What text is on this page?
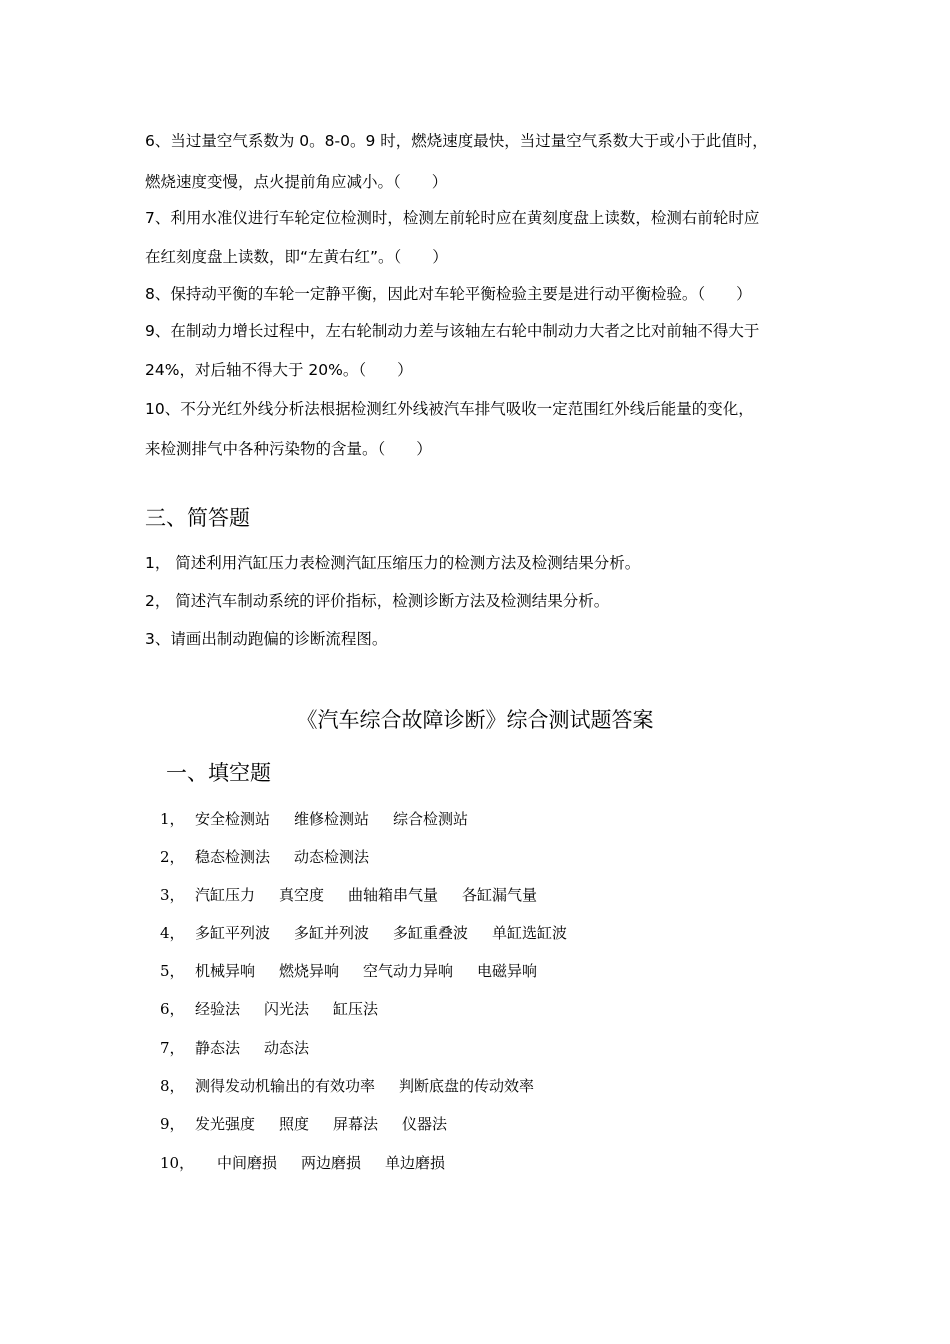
6、当过量空气系数为 0。8-0。9 时，燃烧速度最快，当过量空气系数大于或小于此值时，

燃烧速度变慢，点火提前角应减小。（　　）

7、利用水准仪进行车轮定位检测时，检测左前轮时应在黄刻度盘上读数，检测右前轮时应

在红刻度盘上读数，即“左黄右红”。（　　）

8、保持动平衡的车轮一定静平衡，因此对车轮平衡检验主要是进行动平衡检验。（　　）

9、在制动力增长过程中，左右轮制动力差与该轴左右轮中制动力大者之比对前轴不得大于

24%，对后轴不得大于 20%。（　　）

10、不分光红外线分析法根据检测红外线被汽车排气吸收一定范围红外线后能量的变化，

来检测排气中各种污染物的含量。（　　）

三、简答题

1， 简述利用汽缸压力表检测汽缸压缩压力的检测方法及检测结果分析。

2， 简述汽车制动系统的评价指标，检测诊断方法及检测结果分析。

3、请画出制动跑偏的诊断流程图。

《汽车综合故障诊断》综合测试题答案
一、填空题
1， 安全检测站 维修检测站 综合检测站
2， 稳态检测法 动态检测法
3， 汽缸压力 真空度 曲轴箱串气量 各缸漏气量
4， 多缸平列波 多缸并列波 多缸重叠波 单缸选缸波
5， 机械异响 燃烧异响 空气动力异响 电磁异响
6， 经验法 闪光法 缸压法
7， 静态法 动态法
8， 测得发动机输出的有效功率 判断底盘的传动效率
9， 发光强度 照度 屏幕法 仪器法
10， 中间磨损 两边磨损 单边磨损
